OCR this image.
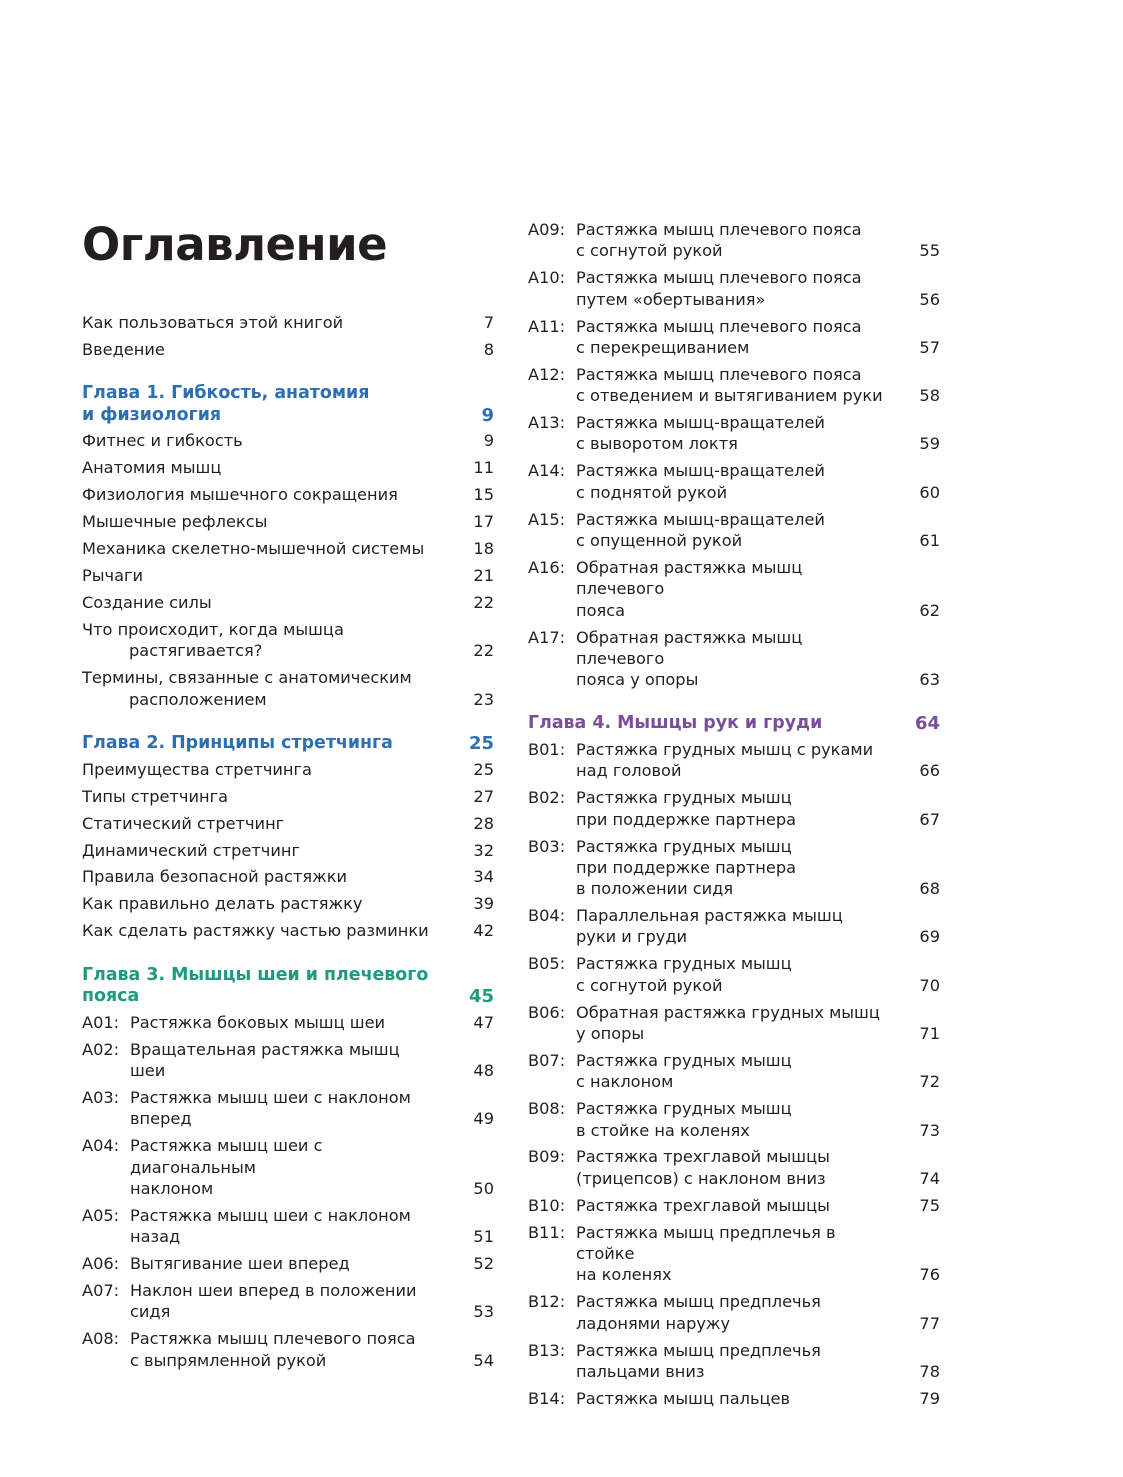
Оглавление
Как пользоваться этой книгой	7
Введение	8
Глава 1. Гибкость, анатомия
и физиология	9
Фитнес и гибкость	9
Анатомия мышц	11
Физиология мышечного сокращения	15
Мышечные рефлексы	17
Механика скелетно-мышечной системы	18
Рычаги	21
Создание силы	22
Что происходит, когда мышца
растягивается?	22
Термины, связанные с анатомическим
расположением	23
Глава 2. Принципы стретчинга	25
Преимущества стретчинга	25
Типы стретчинга	27
Статический стретчинг	28
Динамический стретчинг	32
Правила безопасной растяжки	34
Как правильно делать растяжку	39
Как сделать растяжку частью разминки	42
Глава 3. Мышцы шеи и плечевого
пояса	45
A01: Растяжка боковых мышц шеи	47
A02: Вращательная растяжка мышц шеи	48
A03: Растяжка мышц шеи с наклоном
вперед	49
A04: Растяжка мышц шеи с диагональным
наклоном	50
A05: Растяжка мышц шеи с наклоном
назад	51
A06: Вытягивание шеи вперед	52
A07: Наклон шеи вперед в положении
сидя	53
A08: Растяжка мышц плечевого пояса
с выпрямленной рукой	54
A09: Растяжка мышц плечевого пояса
с согнутой рукой	55
A10: Растяжка мышц плечевого пояса
путем «обертывания»	56
A11: Растяжка мышц плечевого пояса
с перекрещиванием	57
A12: Растяжка мышц плечевого пояса
с отведением и вытягиванием руки	58
A13: Растяжка мышц-вращателей
с выворотом локтя	59
A14: Растяжка мышц-вращателей
с поднятой рукой	60
A15: Растяжка мышц-вращателей
с опущенной рукой	61
A16: Обратная растяжка мышц плечевого
пояса	62
A17: Обратная растяжка мышц плечевого
пояса у опоры	63
Глава 4. Мышцы рук и груди	64
B01: Растяжка грудных мышц с руками
над головой	66
B02: Растяжка грудных мышц
при поддержке партнера	67
B03: Растяжка грудных мышц
при поддержке партнера
в положении сидя	68
B04: Параллельная растяжка мышц
руки и груди	69
B05: Растяжка грудных мышц
с согнутой рукой	70
B06: Обратная растяжка грудных мышц
у опоры	71
B07: Растяжка грудных мышц
с наклоном	72
B08: Растяжка грудных мышц
в стойке на коленях	73
B09: Растяжка трехглавой мышцы
(трицепсов) с наклоном вниз	74
B10: Растяжка трехглавой мышцы	75
B11: Растяжка мышц предплечья в стойке
на коленях	76
B12: Растяжка мышц предплечья
ладонями наружу	77
B13: Растяжка мышц предплечья
пальцами вниз	78
B14: Растяжка мышц пальцев	79
